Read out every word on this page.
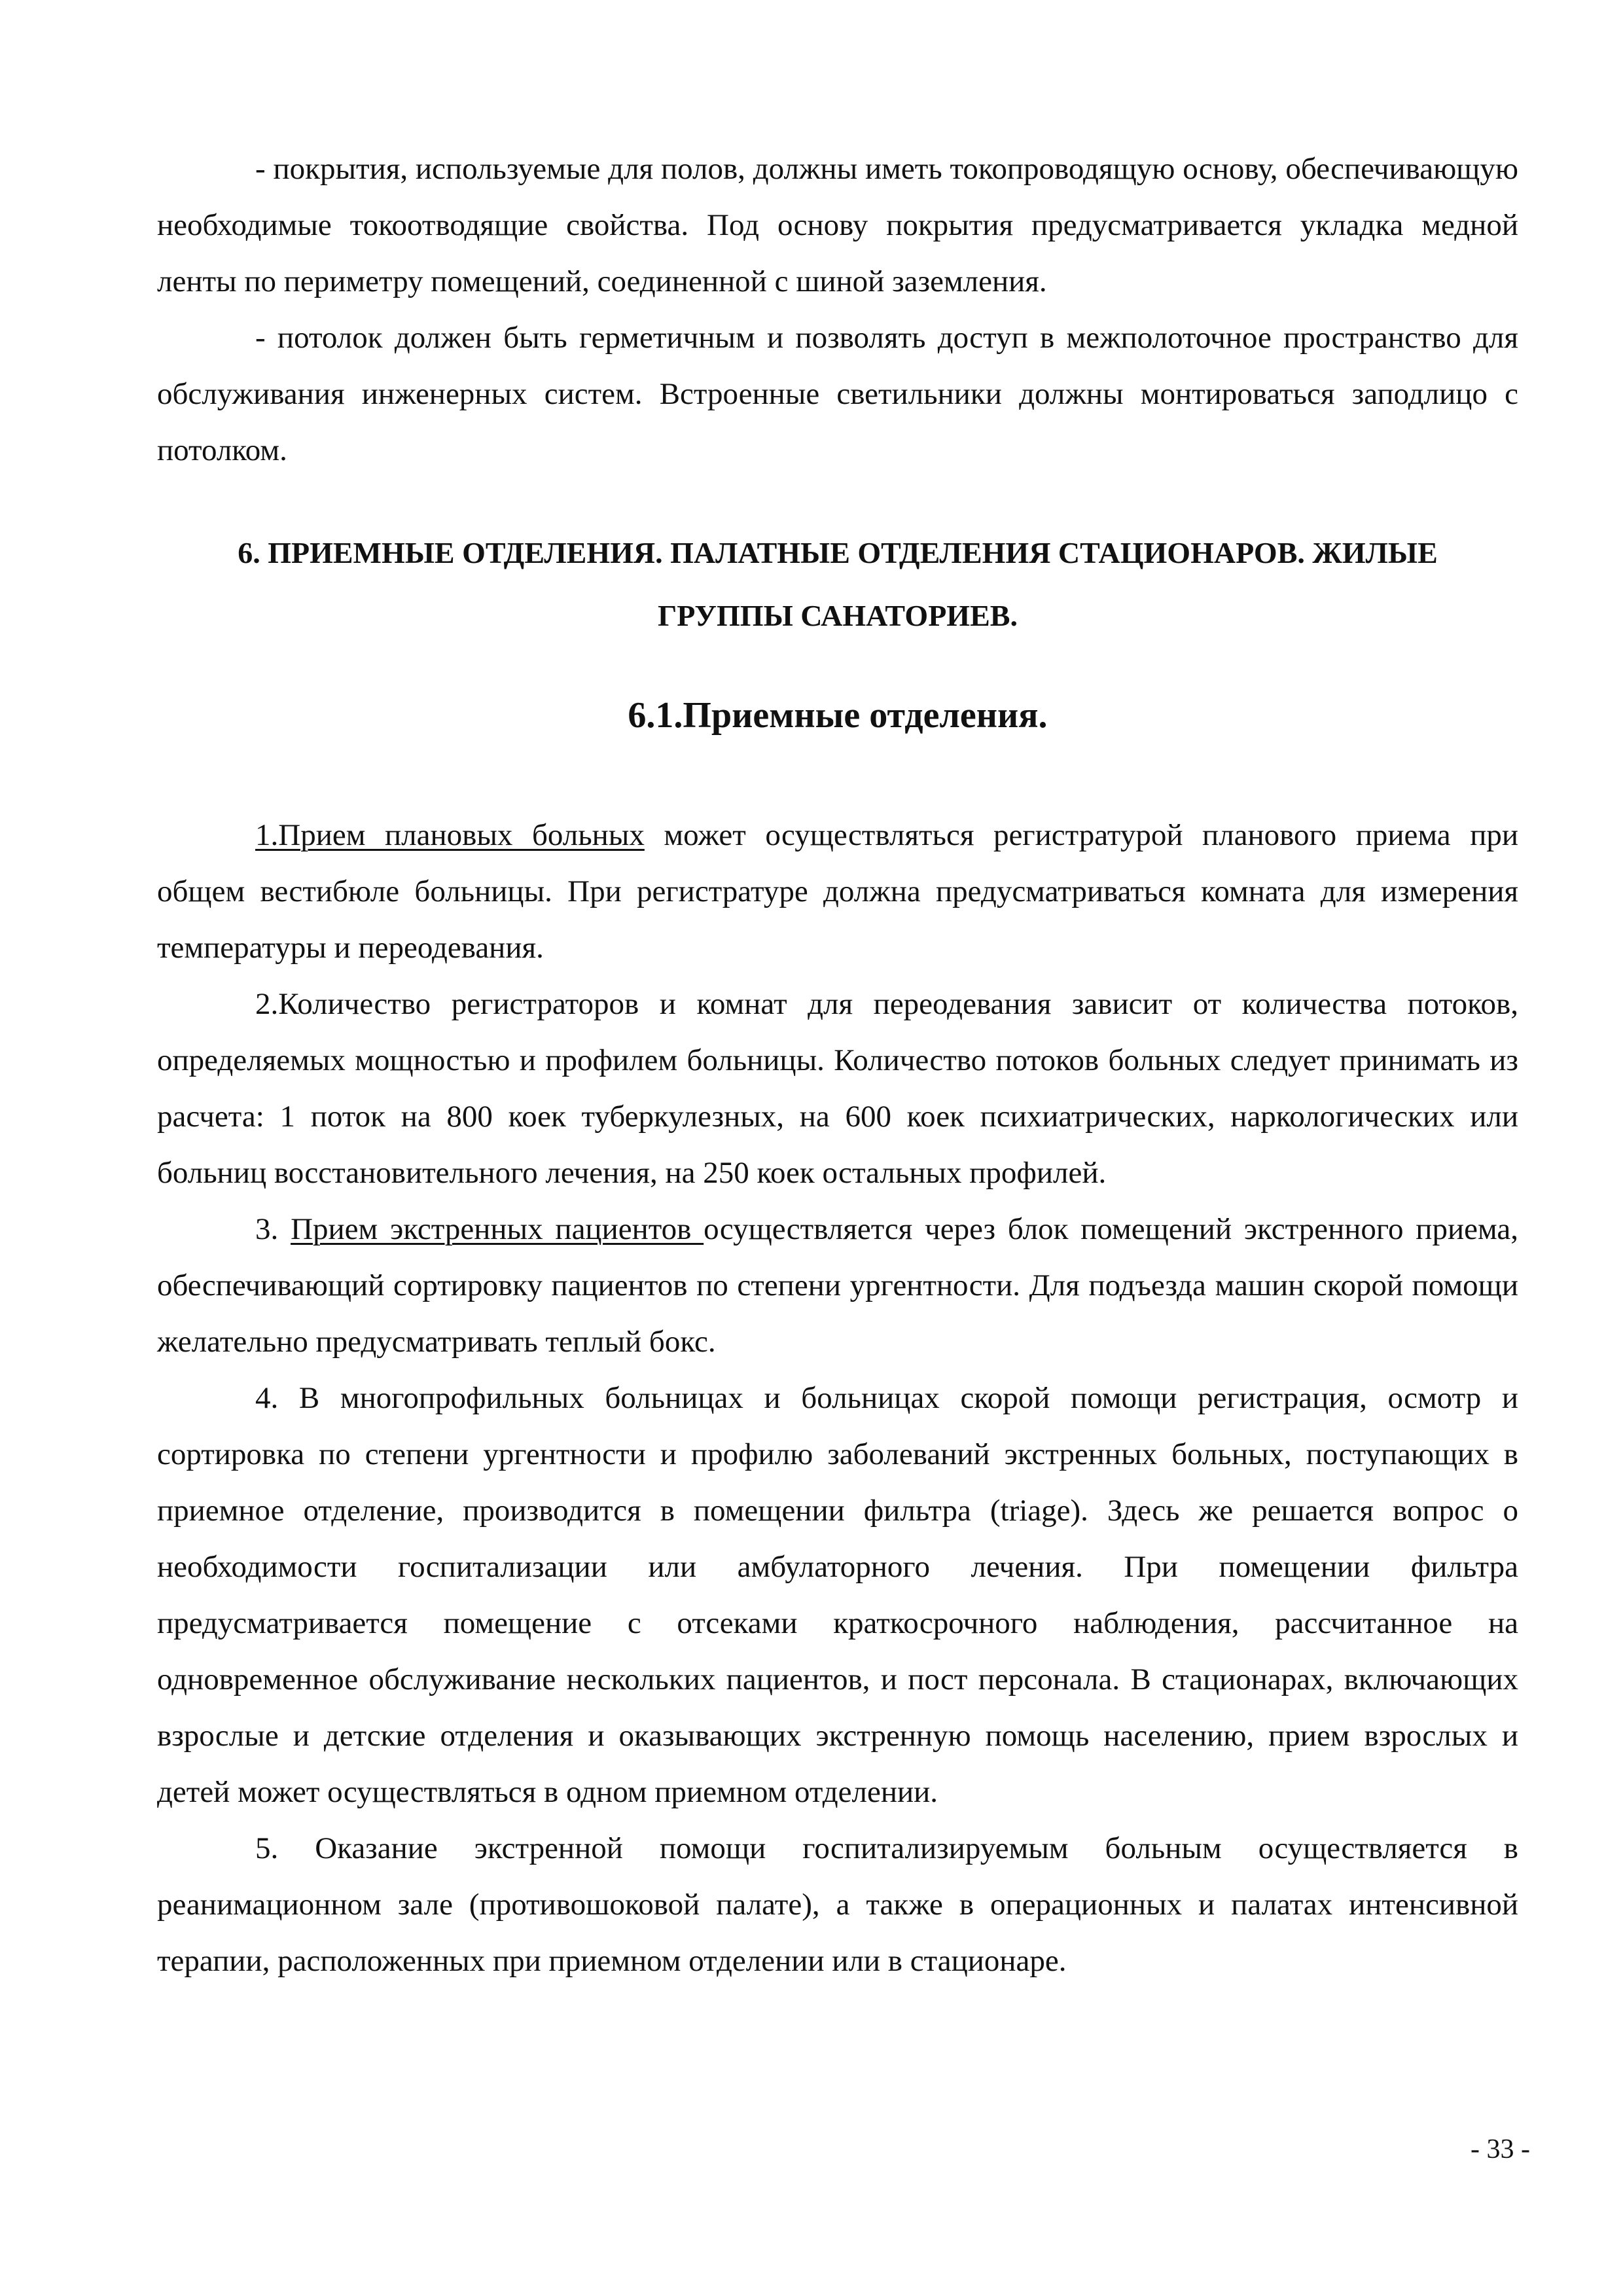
- покрытия, используемые для полов, должны иметь токопроводящую основу, обеспечивающую необходимые токоотводящие свойства. Под основу покрытия предусматривается укладка медной ленты по периметру помещений, соединенной с шиной заземления.

- потолок должен быть герметичным и позволять доступ в межполоточное пространство для обслуживания инженерных систем. Встроенные светильники должны монтироваться заподлицо с потолком.

6. ПРИЕМНЫЕ ОТДЕЛЕНИЯ. ПАЛАТНЫЕ ОТДЕЛЕНИЯ СТАЦИОНАРОВ. ЖИЛЫЕ
ГРУППЫ САНАТОРИЕВ.
6.1.Приемные отделения.

1.Прием плановых больных может осуществляться регистратурой планового приема при общем вестибюле больницы. При регистратуре должна предусматриваться комната для измерения температуры и переодевания.

2.Количество регистраторов и комнат для переодевания зависит от количества потоков, определяемых мощностью и профилем больницы. Количество потоков больных следует принимать из расчета: 1 поток на 800 коек туберкулезных, на 600 коек психиатрических, наркологических или больниц восстановительного лечения, на 250 коек остальных профилей.

3. Прием экстренных пациентов осуществляется через блок помещений экстренного приема, обеспечивающий сортировку пациентов по степени ургентности. Для подъезда машин скорой помощи желательно предусматривать теплый бокс.

4. В многопрофильных больницах и больницах скорой помощи регистрация, осмотр и сортировка по степени ургентности и профилю заболеваний экстренных больных, поступающих в приемное отделение, производится в помещении фильтра (triage). Здесь же решается вопрос о необходимости госпитализации или амбулаторного лечения. При помещении фильтра предусматривается помещение с отсеками краткосрочного наблюдения, рассчитанное на одновременное обслуживание нескольких пациентов, и пост персонала. В стационарах, включающих взрослые и детские отделения и оказывающих экстренную помощь населению, прием взрослых и детей может осуществляться в одном приемном отделении.

5. Оказание экстренной помощи госпитализируемым больным осуществляется в реанимационном зале (противошоковой палате), а также в операционных и палатах интенсивной терапии, расположенных при приемном отделении или в стационаре.

- 33 -
